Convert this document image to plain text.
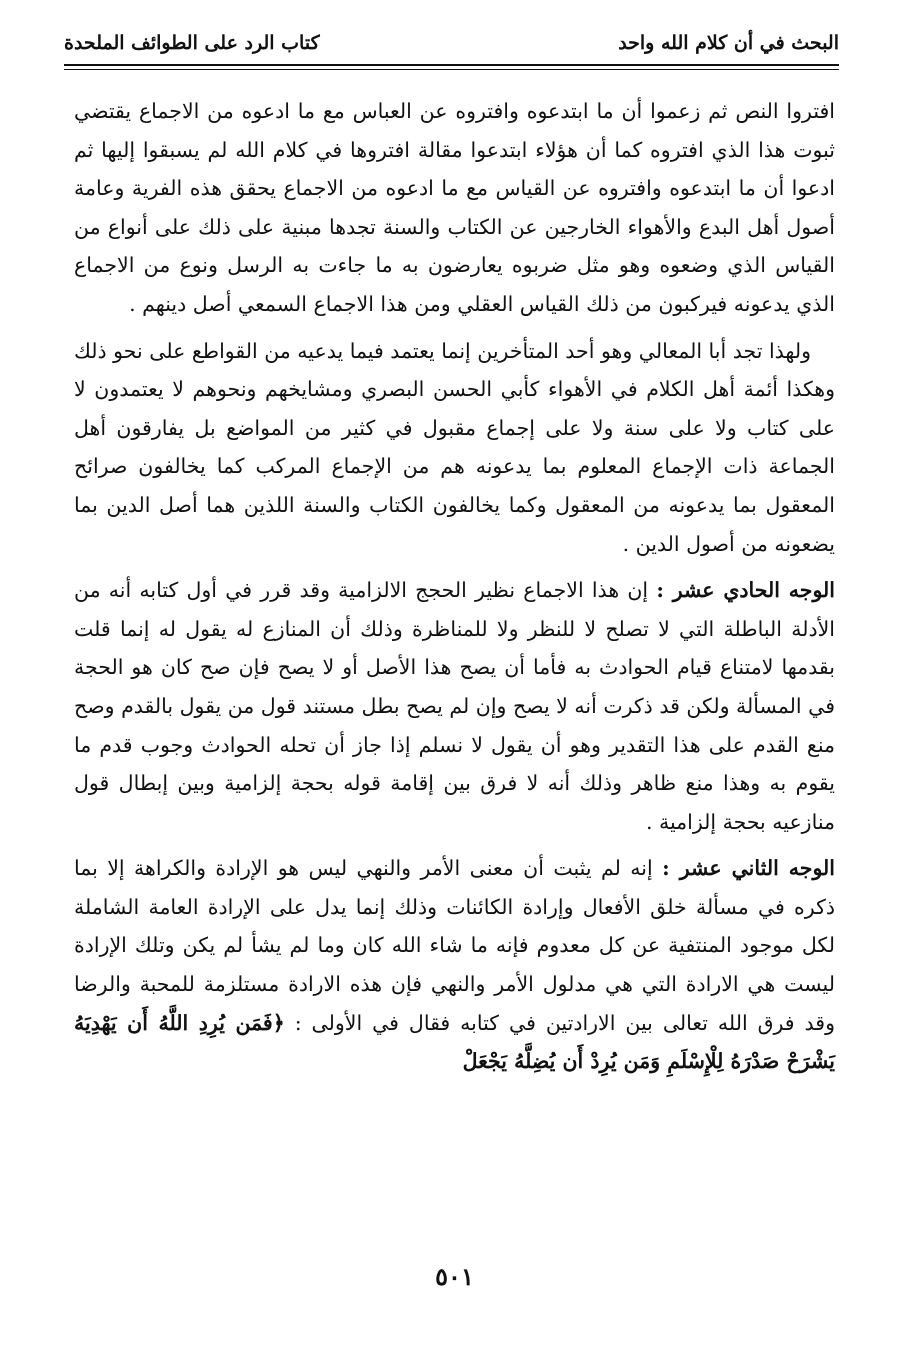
البحث في أن كلام الله واحد
كتاب الرد على الطوائف الملحدة

افتروا النص ثم زعموا أن ما ابتدعوه وافتروه عن العباس مع ما ادعوه من الاجماع يقتضي ثبوت هذا الذي افتروه كما أن هؤلاء ابتدعوا مقالة افتروها في كلام الله لم يسبقوا إليها ثم ادعوا أن ما ابتدعوه وافتروه عن القياس مع ما ادعوه من الاجماع يحقق هذه الفرية وعامة أصول أهل البدع والأهواء الخارجين عن الكتاب والسنة تجدها مبنية على ذلك على أنواع من القياس الذي وضعوه وهو مثل ضربوه يعارضون به ما جاءت به الرسل ونوع من الاجماع الذي يدعونه فيركبون من ذلك القياس العقلي ومن هذا الاجماع السمعي أصل دينهم .

ولهذا تجد أبا المعالي وهو أحد المتأخرين إنما يعتمد فيما يدعيه من القواطع على نحو ذلك وهكذا أئمة أهل الكلام في الأهواء كأبي الحسن البصري ومشايخهم ونحوهم لا يعتمدون لا على كتاب ولا على سنة ولا على إجماع مقبول في كثير من المواضع بل يفارقون أهل الجماعة ذات الإجماع المعلوم بما يدعونه هم من الإجماع المركب كما يخالفون صرائح المعقول بما يدعونه من المعقول وكما يخالفون الكتاب والسنة اللذين هما أصل الدين بما يضعونه من أصول الدين .

الوجه الحادي عشر : إن هذا الاجماع نظير الحجج الالزامية وقد قرر في أول كتابه أنه من الأدلة الباطلة التي لا تصلح لا للنظر ولا للمناظرة وذلك أن المنازع له يقول له إنما قلت بقدمها لامتناع قيام الحوادث به فأما أن يصح هذا الأصل أو لا يصح فإن صح كان هو الحجة في المسألة ولكن قد ذكرت أنه لا يصح وإن لم يصح بطل مستند قول من يقول بالقدم وصح منع القدم على هذا التقدير وهو أن يقول لا نسلم إذا جاز أن تحله الحوادث وجوب قدم ما يقوم به وهذا منع ظاهر وذلك أنه لا فرق بين إقامة قوله بحجة إلزامية وبين إبطال قول منازعيه بحجة إلزامية .

الوجه الثاني عشر : إنه لم يثبت أن معنى الأمر والنهي ليس هو الإرادة والكراهة إلا بما ذكره في مسألة خلق الأفعال وإرادة الكائنات وذلك إنما يدل على الإرادة العامة الشاملة لكل موجود المنتفية عن كل معدوم فإنه ما شاء الله كان وما لم يشأ لم يكن وتلك الإرادة ليست هي الارادة التي هي مدلول الأمر والنهي فإن هذه الارادة مستلزمة للمحبة والرضا وقد فرق الله تعالى بين الارادتين في كتابه فقال في الأولى : ﴿فَمَن يُرِدِ اللَّهُ أَن يَهْدِيَهُ يَشْرَحْ صَدْرَهُ لِلْإِسْلَمِ وَمَن يُرِدْ أَن يُضِلَّهُ يَجْعَلْ

٥٠١
